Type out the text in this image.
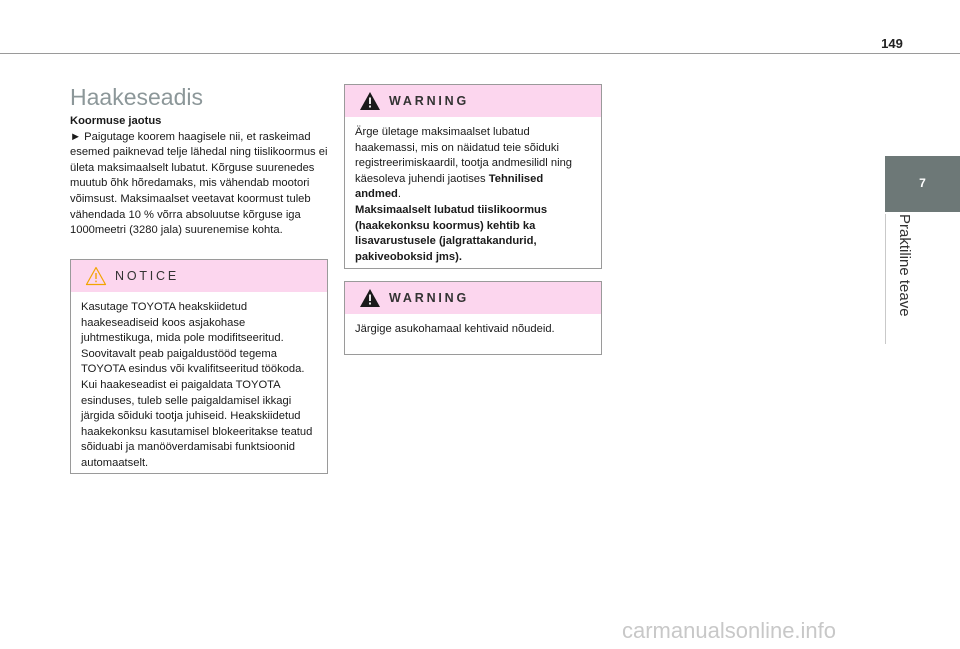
149
7
Praktiline teave
Haakeseadis
Koormuse jaotus
► Paigutage koorem haagisele nii, et raskeimad esemed paiknevad telje lähedal ning tiislikoormus ei ületa maksimaalselt lubatut. Kõrguse suurenedes muutub õhk hõredamaks, mis vähendab mootori võimsust. Maksimaalset veetavat koormust tuleb vähendada 10 % võrra absoluutse kõrguse iga 1000meetri (3280 jala) suurenemise kohta.
NOTICE
Kasutage TOYOTA heakskiidetud haakeseadiseid koos asjakohase juhtmestikuga, mida pole modifitseeritud. Soovitavalt peab paigaldustööd tegema TOYOTA esindus või kvalifitseeritud töökoda. Kui haakeseadist ei paigaldata TOYOTA esinduses, tuleb selle paigaldamisel ikkagi järgida sõiduki tootja juhiseid. Heakskiidetud haakekonksu kasutamisel blokeeritakse teatud sõiduabi ja manööverdamisabi funktsioonid automaatselt.
WARNING
Ärge ületage maksimaalset lubatud haakemassi, mis on näidatud teie sõiduki registreerimiskaardil, tootja andmesilidl ning käesoleva juhendi jaotises Tehnilised andmed.
Maksimaalselt lubatud tiislikoormus (haakekonksu koormus) kehtib ka lisavarustusele (jalgrattakandurid, pakiveoboksid jms).
WARNING
Järgige asukohamaal kehtivaid nõudeid.
carmanualsonline.info
